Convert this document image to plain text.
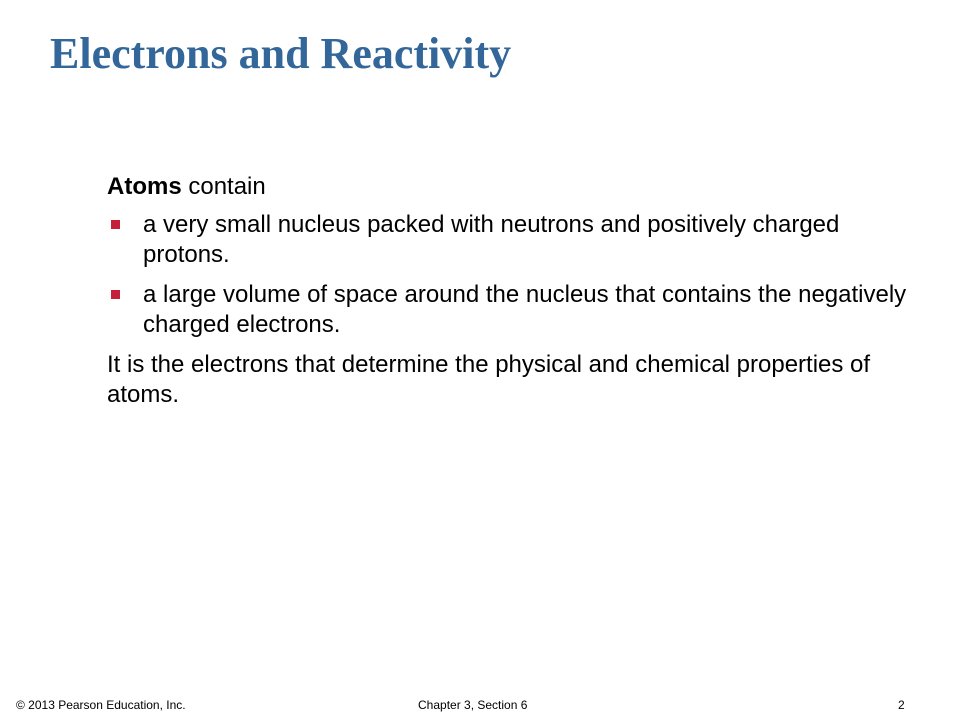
Electrons and Reactivity

Atoms contain

a very small nucleus packed with neutrons and positively charged protons.
a large volume of space around the nucleus that contains the negatively charged electrons.

It is the electrons that determine the physical and chemical properties of atoms.

© 2013 Pearson Education, Inc.	Chapter 3, Section 6	2
